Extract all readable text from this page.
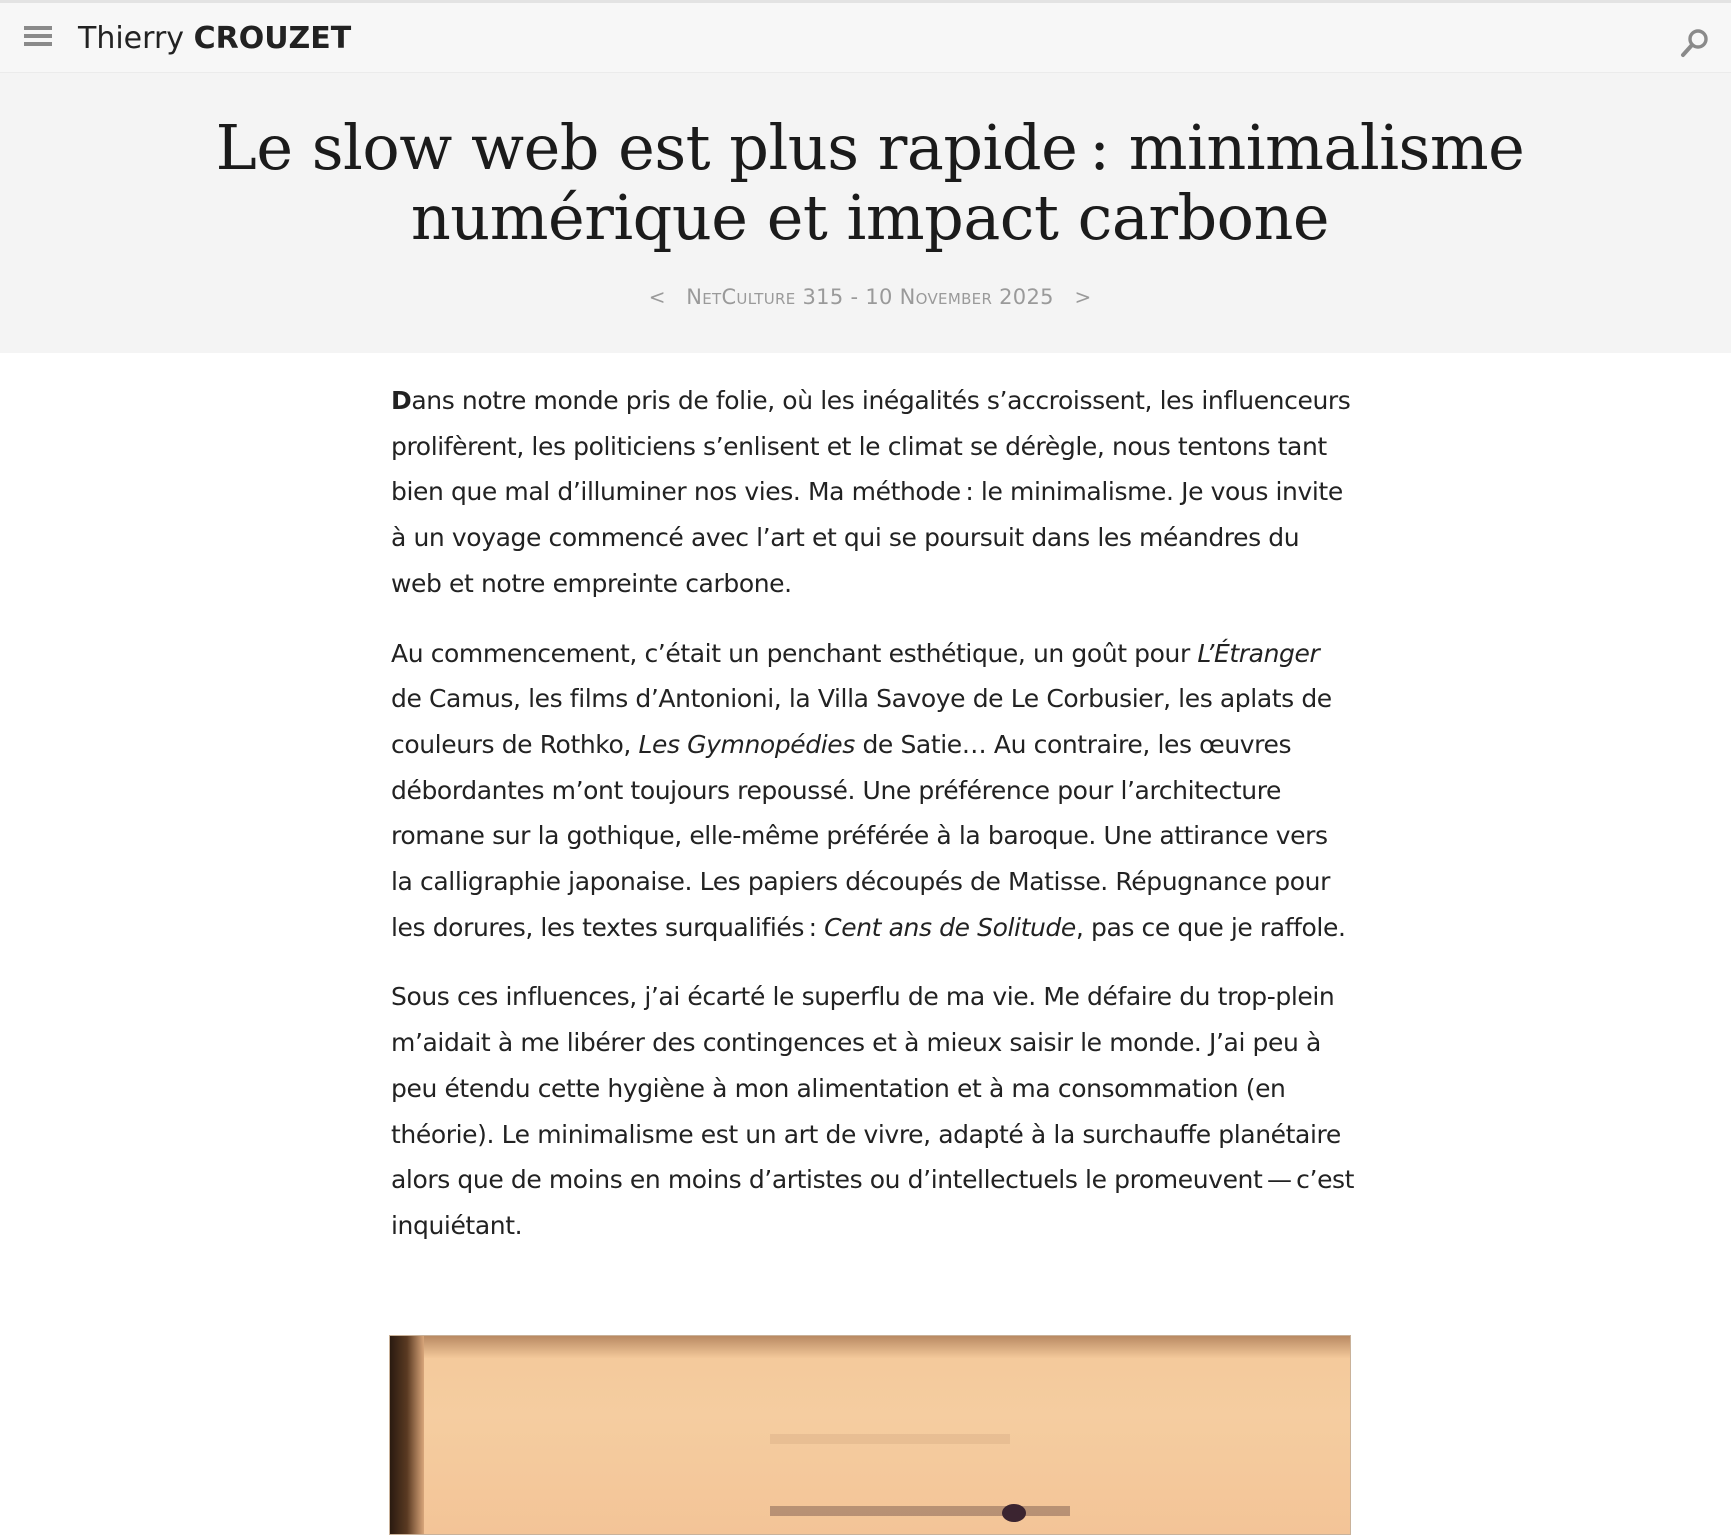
Thierry CROUZET
Le slow web est plus rapide : minimalisme numérique et impact carbone
< NetCulture 315 - 10 November 2025 >

Dans notre monde pris de folie, où les inégalités s’accroissent, les influenceurs prolifèrent, les politiciens s’enlisent et le climat se dérègle, nous tentons tant bien que mal d’illuminer nos vies. Ma méthode : le minimalisme. Je vous invite à un voyage commencé avec l’art et qui se poursuit dans les méandres du web et notre empreinte carbone.

Au commencement, c’était un penchant esthétique, un goût pour L’Étranger de Camus, les films d’Antonioni, la Villa Savoye de Le Corbusier, les aplats de couleurs de Rothko, Les Gymnopédies de Satie… Au contraire, les œuvres débordantes m’ont toujours repoussé. Une préférence pour l’architecture romane sur la gothique, elle-même préférée à la baroque. Une attirance vers la calligraphie japonaise. Les papiers découpés de Matisse. Répugnance pour les dorures, les textes surqualifiés : Cent ans de Solitude, pas ce que je raffole.

Sous ces influences, j’ai écarté le superflu de ma vie. Me défaire du trop-plein m’aidait à me libérer des contingences et à mieux saisir le monde. J’ai peu à peu étendu cette hygiène à mon alimentation et à ma consommation (en théorie). Le minimalisme est un art de vivre, adapté à la surchauffe planétaire alors que de moins en moins d’artistes ou d’intellectuels le promeuvent — c’est inquiétant.
